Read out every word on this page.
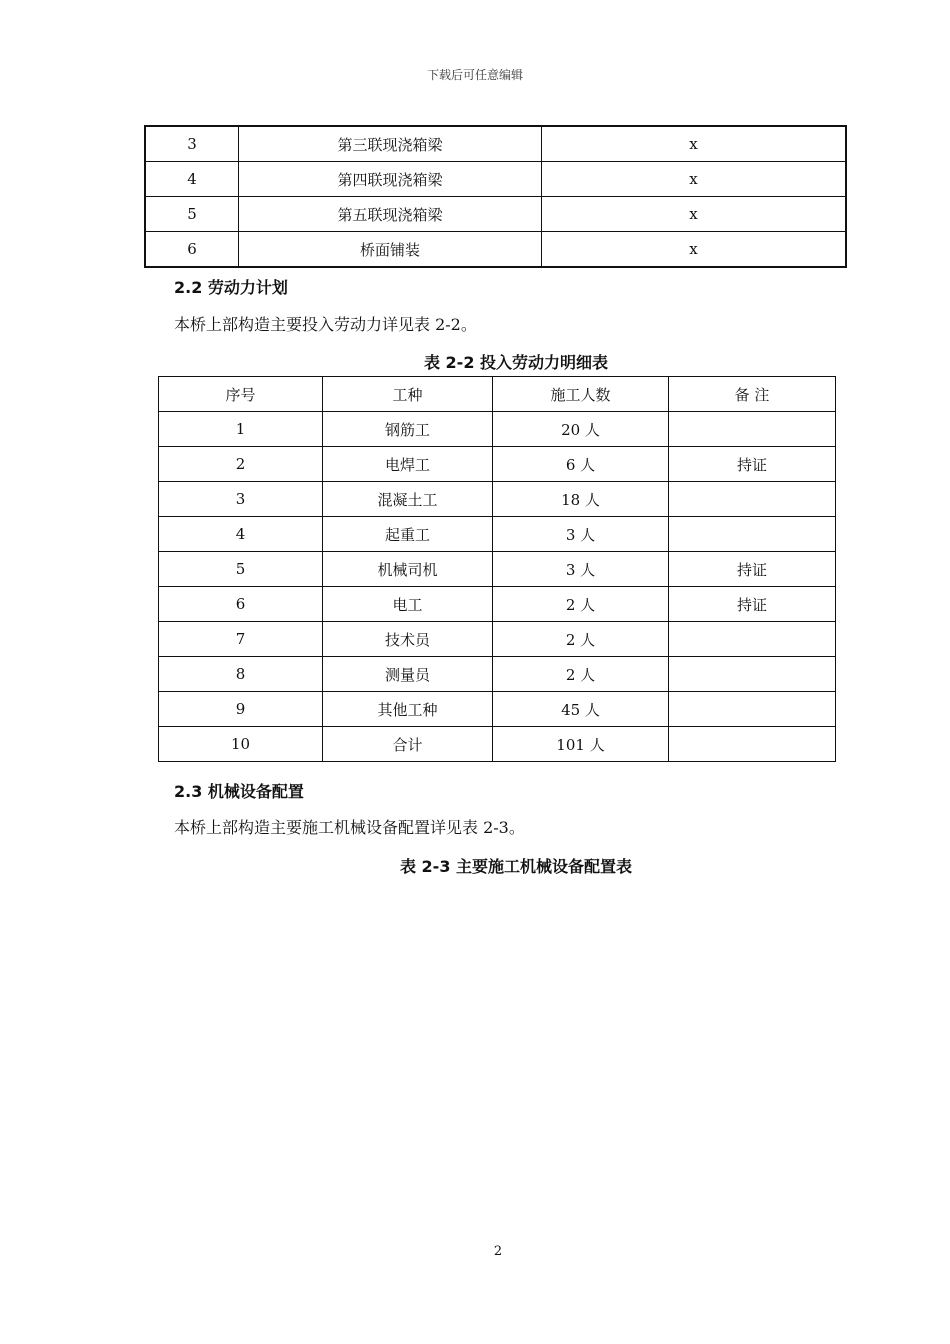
下载后可任意编辑
3	第三联现浇箱梁	x
4	第四联现浇箱梁	x
5	第五联现浇箱梁	x
6	桥面铺装	x
2.2 劳动力计划
本桥上部构造主要投入劳动力详见表 2-2。
表 2-2 投入劳动力明细表
序号	工种	施工人数	备 注
1	钢筋工	20 人	
2	电焊工	6 人	持证
3	混凝土工	18 人	
4	起重工	3 人	
5	机械司机	3 人	持证
6	电工	2 人	持证
7	技术员	2 人	
8	测量员	2 人	
9	其他工种	45 人	
10	合计	101 人	
2.3 机械设备配置
本桥上部构造主要施工机械设备配置详见表 2-3。
表 2-3 主要施工机械设备配置表
2
